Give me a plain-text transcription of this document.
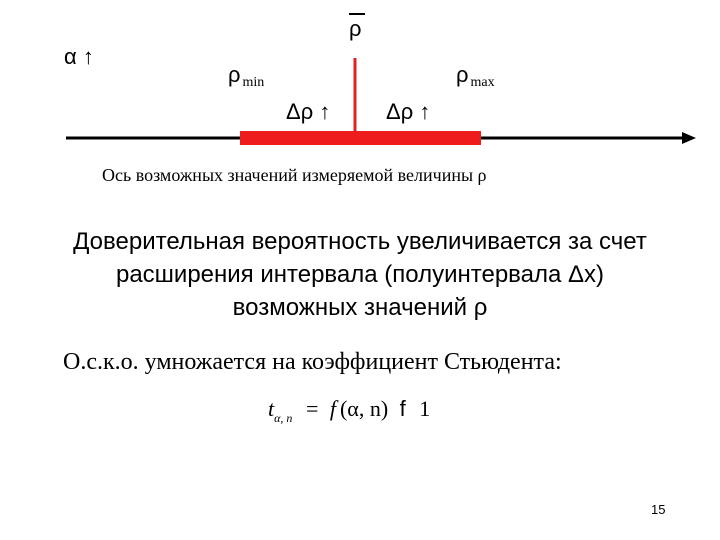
α ↑
ρ
ρmin	ρmax
Δρ ↑	Δρ ↑
Ось возможных значений измеряемой величины ρ
Доверительная вероятность увеличивается за счет
расширения интервала (полуинтервала Δх)
возможных значений ρ
О.с.к.о. умножается на коэффициент Стьюдента:
$t_{\alpha, n} = f$ (α, n) f 1
15
